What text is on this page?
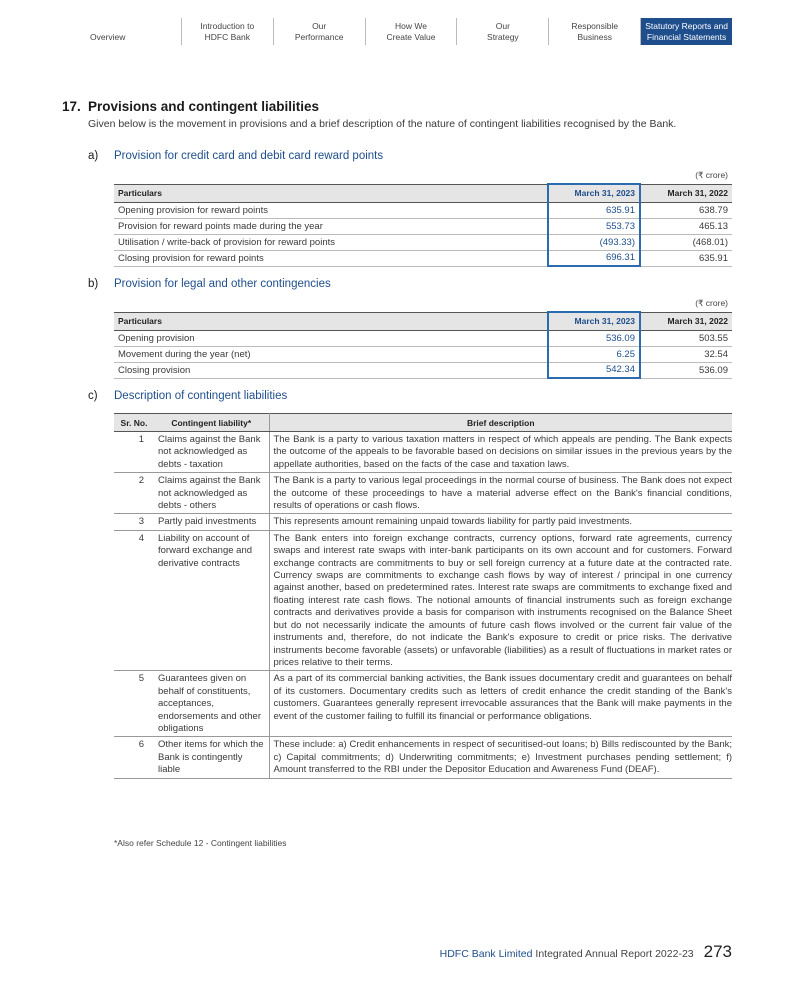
Overview
Introduction to
HDFC Bank
Our
Performance
How We
Create Value
Our
Strategy
Responsible
Business
Statutory Reports and
Financial Statements
17. Provisions and contingent liabilities
Given below is the movement in provisions and a brief description of the nature of contingent liabilities recognised by the Bank.
a) Provision for credit card and debit card reward points
(₹ crore)
Particulars	March 31, 2023	March 31, 2022
Opening provision for reward points	635.91	638.79
Provision for reward points made during the year	553.73	465.13
Utilisation / write-back of provision for reward points	(493.33)	(468.01)
Closing provision for reward points	696.31	635.91
b) Provision for legal and other contingencies
(₹ crore)
Particulars	March 31, 2023	March 31, 2022
Opening provision	536.09	503.55
Movement during the year (net)	6.25	32.54
Closing provision	542.34	536.09
c) Description of contingent liabilities
Sr. No.	Contingent liability*	Brief description
1	Claims against the Bank not acknowledged as debts - taxation	The Bank is a party to various taxation matters in respect of which appeals are pending. The Bank expects the outcome of the appeals to be favorable based on decisions on similar issues in the previous years by the appellate authorities, based on the facts of the case and taxation laws.
2	Claims against the Bank not acknowledged as debts - others	The Bank is a party to various legal proceedings in the normal course of business. The Bank does not expect the outcome of these proceedings to have a material adverse effect on the Bank's financial conditions, results of operations or cash flows.
3	Partly paid investments	This represents amount remaining unpaid towards liability for partly paid investments.
4	Liability on account of forward exchange and derivative contracts	The Bank enters into foreign exchange contracts, currency options, forward rate agreements, currency swaps and interest rate swaps with inter-bank participants on its own account and for customers. Forward exchange contracts are commitments to buy or sell foreign currency at a future date at the contracted rate. Currency swaps are commitments to exchange cash flows by way of interest / principal in one currency against another, based on predetermined rates. Interest rate swaps are commitments to exchange fixed and floating interest rate cash flows. The notional amounts of financial instruments such as foreign exchange contracts and derivatives provide a basis for comparison with instruments recognised on the Balance Sheet but do not necessarily indicate the amounts of future cash flows involved or the current fair value of the instruments and, therefore, do not indicate the Bank's exposure to credit or price risks. The derivative instruments become favorable (assets) or unfavorable (liabilities) as a result of fluctuations in market rates or prices relative to their terms.
5	Guarantees given on behalf of constituents, acceptances, endorsements and other obligations	As a part of its commercial banking activities, the Bank issues documentary credit and guarantees on behalf of its customers. Documentary credits such as letters of credit enhance the credit standing of the Bank's customers. Guarantees generally represent irrevocable assurances that the Bank will make payments in the event of the customer failing to fulfill its financial or performance obligations.
6	Other items for which the Bank is contingently liable	These include: a) Credit enhancements in respect of securitised-out loans; b) Bills rediscounted by the Bank; c) Capital commitments; d) Underwriting commitments; e) Investment purchases pending settlement; f) Amount transferred to the RBI under the Depositor Education and Awareness Fund (DEAF).
*Also refer Schedule 12 - Contingent liabilities
HDFC Bank Limited Integrated Annual Report 2022-23 273
